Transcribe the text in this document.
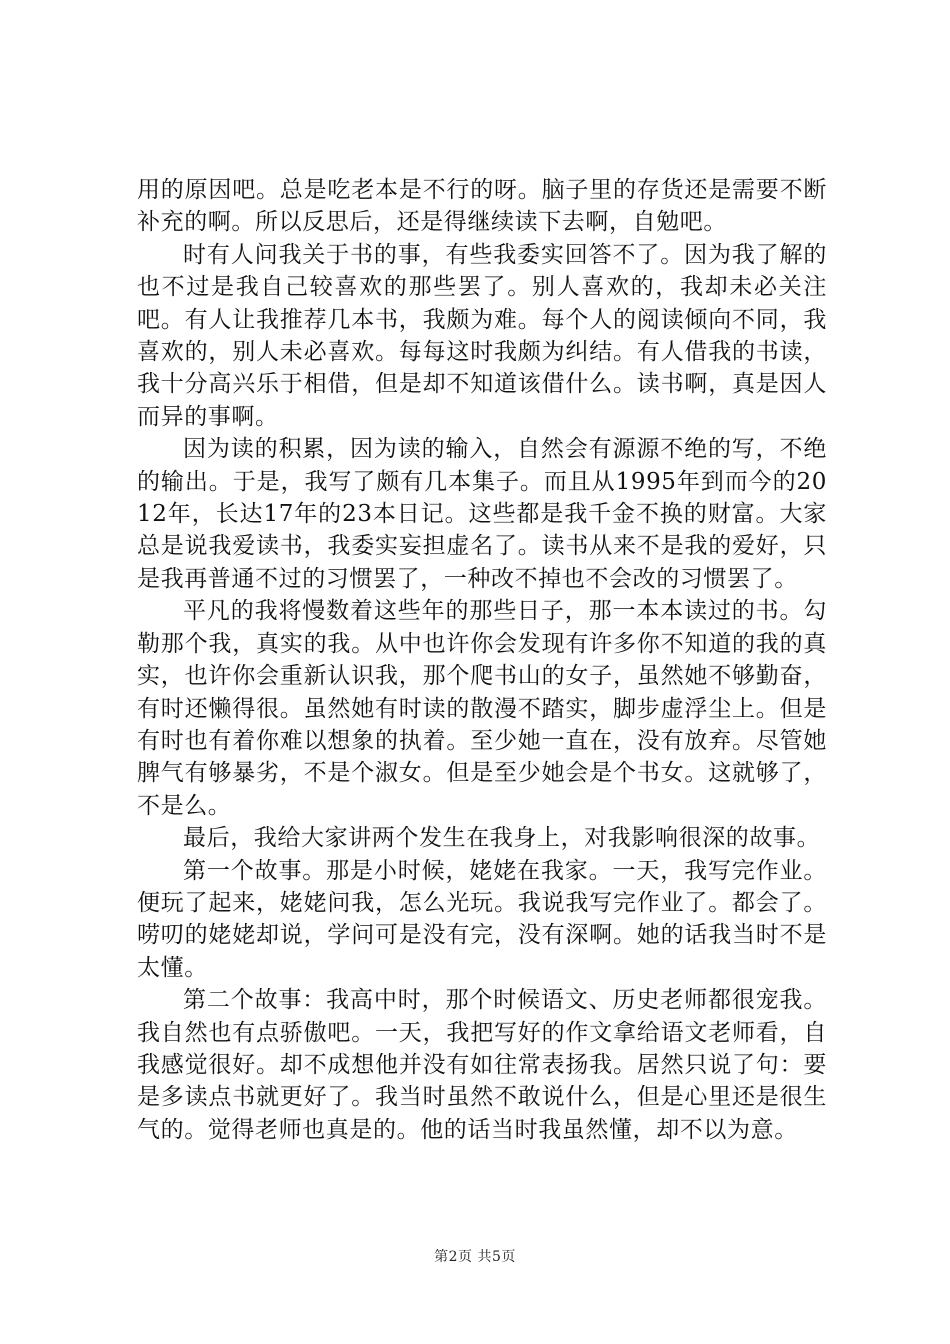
用的原因吧。总是吃老本是不行的呀。脑子里的存货还是需要不断补充的啊。所以反思后，还是得继续读下去啊，自勉吧。

时有人问我关于书的事，有些我委实回答不了。因为我了解的也不过是我自己较喜欢的那些罢了。别人喜欢的，我却未必关注吧。有人让我推荐几本书，我颇为难。每个人的阅读倾向不同，我喜欢的，别人未必喜欢。每每这时我颇为纠结。有人借我的书读，我十分高兴乐于相借，但是却不知道该借什么。读书啊，真是因人而异的事啊。

因为读的积累，因为读的输入，自然会有源源不绝的写，不绝的输出。于是，我写了颇有几本集子。而且从1995年到而今的2012年，长达17年的23本日记。这些都是我千金不换的财富。大家总是说我爱读书，我委实妄担虚名了。读书从来不是我的爱好，只是我再普通不过的习惯罢了，一种改不掉也不会改的习惯罢了。

平凡的我将慢数着这些年的那些日子，那一本本读过的书。勾勒那个我，真实的我。从中也许你会发现有许多你不知道的我的真实，也许你会重新认识我，那个爬书山的女子，虽然她不够勤奋，有时还懒得很。虽然她有时读的散漫不踏实，脚步虚浮尘上。但是有时也有着你难以想象的执着。至少她一直在，没有放弃。尽管她脾气有够暴劣，不是个淑女。但是至少她会是个书女。这就够了，不是么。

最后，我给大家讲两个发生在我身上，对我影响很深的故事。

第一个故事。那是小时候，姥姥在我家。一天，我写完作业。便玩了起来，姥姥问我，怎么光玩。我说我写完作业了。都会了。唠叨的姥姥却说，学问可是没有完，没有深啊。她的话我当时不是太懂。

第二个故事：我高中时，那个时候语文、历史老师都很宠我。我自然也有点骄傲吧。一天，我把写好的作文拿给语文老师看，自我感觉很好。却不成想他并没有如往常表扬我。居然只说了句：要是多读点书就更好了。我当时虽然不敢说什么，但是心里还是很生气的。觉得老师也真是的。他的话当时我虽然懂，却不以为意。

第2页 共5页
